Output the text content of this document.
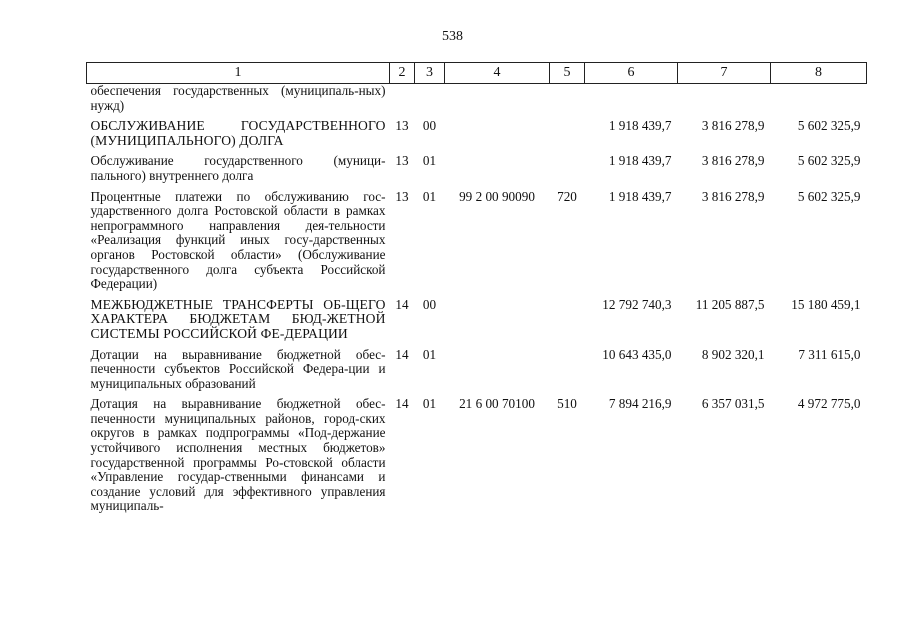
538
1	2	3	4	5	6	7	8
обеспечения государственных (муниципаль-ных) нужд)							
ОБСЛУЖИВАНИЕ ГОСУДАРСТВЕННОГО (МУНИЦИПАЛЬНОГО) ДОЛГА	13	00			1 918 439,7	3 816 278,9	5 602 325,9
Обслуживание государственного (муници-пального) внутреннего долга	13	01			1 918 439,7	3 816 278,9	5 602 325,9
Процентные платежи по обслуживанию гос-ударственного долга Ростовской области в рамках непрограммного направления дея-тельности «Реализация функций иных госу-дарственных органов Ростовской области» (Обслуживание государственного долга субъекта Российской Федерации)	13	01	99 2 00 90090	720	1 918 439,7	3 816 278,9	5 602 325,9
МЕЖБЮДЖЕТНЫЕ ТРАНСФЕРТЫ ОБ-ЩЕГО ХАРАКТЕРА БЮДЖЕТАМ БЮД-ЖЕТНОЙ СИСТЕМЫ РОССИЙСКОЙ ФЕ-ДЕРАЦИИ	14	00			12 792 740,3	11 205 887,5	15 180 459,1
Дотации на выравнивание бюджетной обес-печенности субъектов Российской Федера-ции и муниципальных образований	14	01			10 643 435,0	8 902 320,1	7 311 615,0
Дотация на выравнивание бюджетной обес-печенности муниципальных районов, город-ских округов в рамках подпрограммы «Под-держание устойчивого исполнения местных бюджетов» государственной программы Ро-стовской области «Управление государ-ственными финансами и создание условий для эффективного управления муниципаль-	14	01	21 6 00 70100	510	7 894 216,9	6 357 031,5	4 972 775,0
